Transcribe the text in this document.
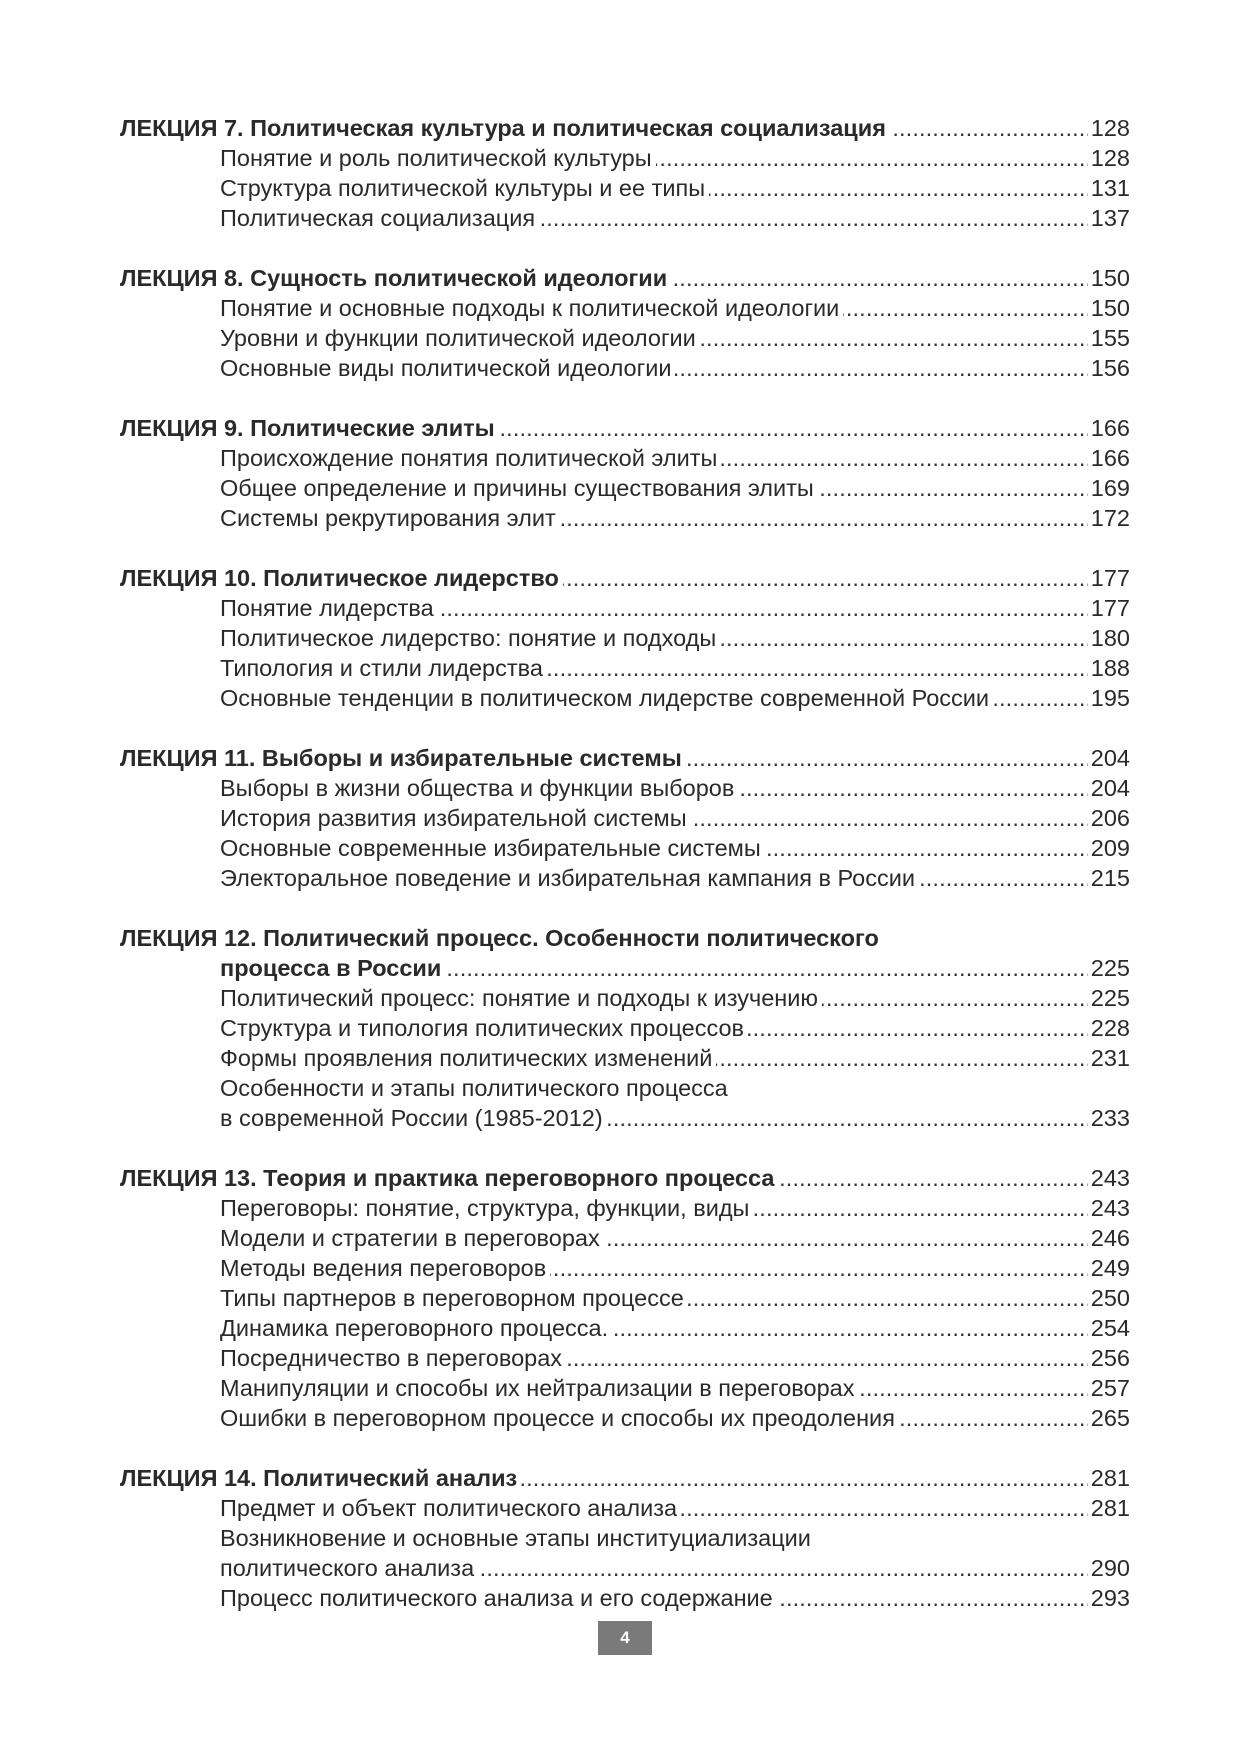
ЛЕКЦИЯ 7. Политическая культура и политическая социализация	128
. . .
Понятие и роль политической культуры	128
. . .
Структура политической культуры и ее типы	131
. . .
Политическая социализация	137
. . .
ЛЕКЦИЯ 8. Сущность политической идеологии	150
. . .
Понятие и основные подходы к политической идеологии	150
. . .
Уровни и функции политической идеологии	155
. . .
Основные виды политической идеологии	156
. . .
ЛЕКЦИЯ 9. Политические элиты	166
. . .
Происхождение понятия политической элиты	166
. . .
Общее определение и причины существования элиты	169
. . .
Системы рекрутирования элит	172
. . .
ЛЕКЦИЯ 10. Политическое лидерство	177
. . .
Понятие лидерства	177
. . .
Политическое лидерство: понятие и подходы	180
. . .
Типология и стили лидерства	188
. . .
Основные тенденции в политическом лидерстве современной России	195
. . .
ЛЕКЦИЯ 11. Выборы и избирательные системы	204
. . .
Выборы в жизни общества и функции выборов	204
. . .
История развития избирательной системы	206
. . .
Основные современные избирательные системы	209
. . .
Электоральное поведение и избирательная кампания в России	215
. . .
ЛЕКЦИЯ 12. Политический процесс. Особенности политического
процесса в России	225
. . .
Политический процесс: понятие и подходы к изучению	225
. . .
Структура и типология политических процессов	228
. . .
Формы проявления политических изменений	231
. . .
Особенности и этапы политического процесса
в современной России (1985-2012)	233
. . .
ЛЕКЦИЯ 13. Теория и практика переговорного процесса	243
. . .
Переговоры: понятие, структура, функции, виды	243
. . .
Модели и стратегии в переговорах	246
. . .
Методы ведения переговоров	249
. . .
Типы партнеров в переговорном процессе	250
. . .
Динамика переговорного процесса.	254
. . .
Посредничество в переговорах	256
. . .
Манипуляции и способы их нейтрализации в переговорах	257
. . .
Ошибки в переговорном процессе и способы их преодоления	265
. . .
ЛЕКЦИЯ 14. Политический анализ	281
. . .
Предмет и объект политического анализа	281
. . .
Возникновение и основные этапы институциализации
политического анализа	290
. . .
Процесс политического анализа и его содержание	293
. . .
4
